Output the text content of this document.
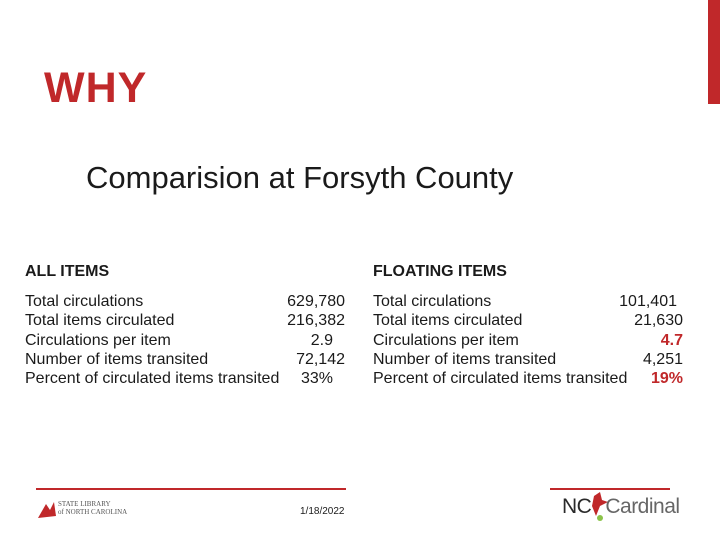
WHY
Comparision at Forsyth County
ALL ITEMS
Total circulations	629,780
Total items circulated	216,382
Circulations per item	2.9
Number of items transited	72,142
Percent of circulated items transited 33%
FLOATING ITEMS
Total circulations	101,401
Total items circulated	21,630
Circulations per item	4.7
Number of items transited	4,251
Percent of circulated items transited 19%
STATE LIBRARY
of NORTH CAROLINA	1/18/2022	NC Cardinal
